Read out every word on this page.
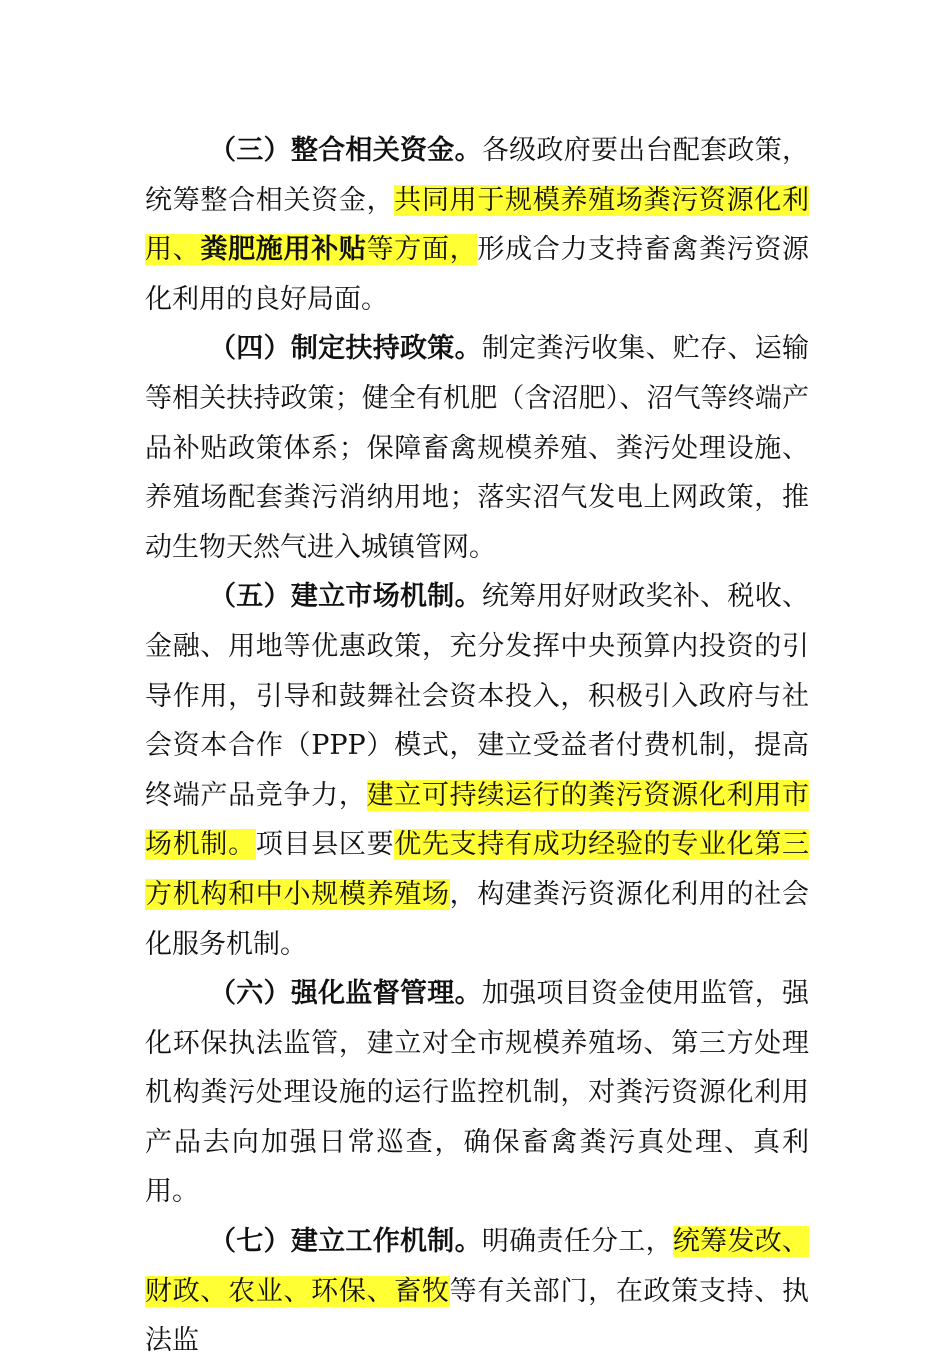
（三）整合相关资金。各级政府要出台配套政策，统筹整合相关资金，共同用于规模养殖场粪污资源化利用、粪肥施用补贴等方面，形成合力支持畜禽粪污资源化利用的良好局面。

（四）制定扶持政策。制定粪污收集、贮存、运输等相关扶持政策；健全有机肥（含沼肥）、沼气等终端产品补贴政策体系；保障畜禽规模养殖、粪污处理设施、养殖场配套粪污消纳用地；落实沼气发电上网政策，推动生物天然气进入城镇管网。

（五）建立市场机制。统筹用好财政奖补、税收、金融、用地等优惠政策，充分发挥中央预算内投资的引导作用，引导和鼓舞社会资本投入，积极引入政府与社会资本合作（PPP）模式，建立受益者付费机制，提高终端产品竞争力，建立可持续运行的粪污资源化利用市场机制。项目县区要优先支持有成功经验的专业化第三方机构和中小规模养殖场，构建粪污资源化利用的社会化服务机制。

（六）强化监督管理。加强项目资金使用监管，强化环保执法监管，建立对全市规模养殖场、第三方处理机构粪污处理设施的运行监控机制，对粪污资源化利用产品去向加强日常巡查，确保畜禽粪污真处理、真利用。

（七）建立工作机制。明确责任分工，统筹发改、财政、农业、环保、畜牧等有关部门，在政策支持、执法监
